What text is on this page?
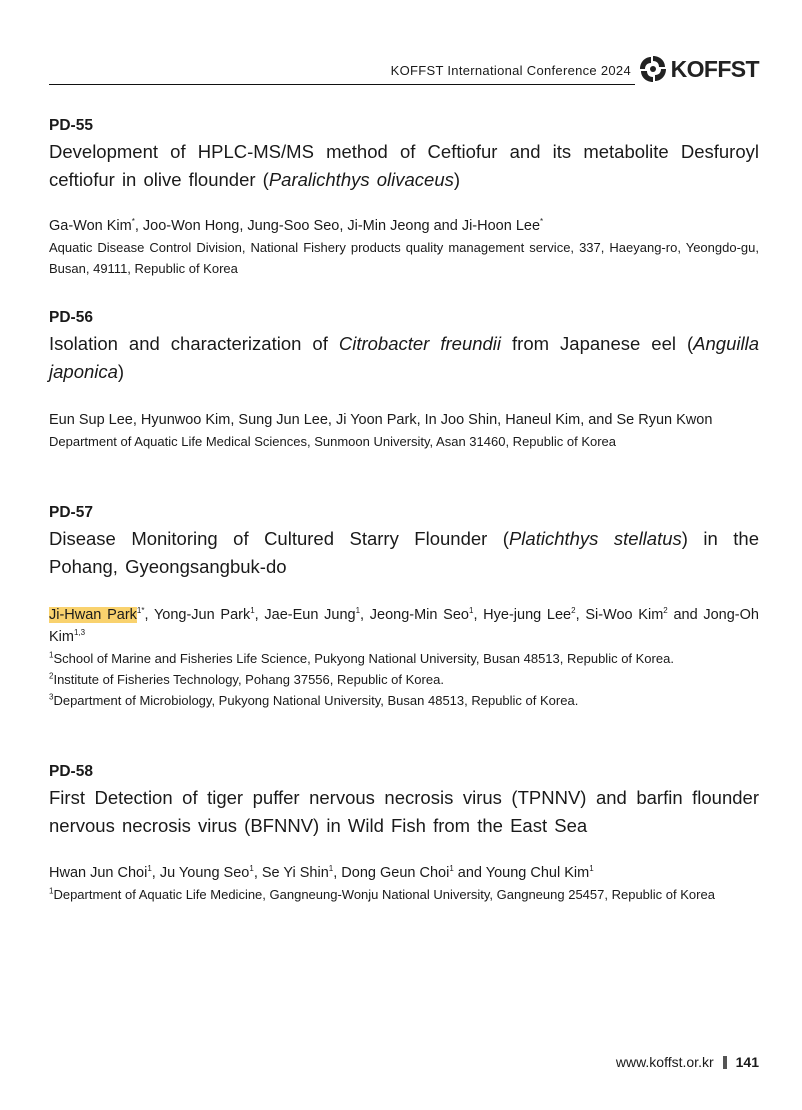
KOFFST International Conference 2024 KOFFST

PD-55

Development of HPLC-MS/MS method of Ceftiofur and its metabolite Desfuroyl ceftiofur in olive flounder (Paralichthys olivaceus)

Ga-Won Kim*, Joo-Won Hong, Jung-Soo Seo, Ji-Min Jeong and Ji-Hoon Lee*

Aquatic Disease Control Division, National Fishery products quality management service, 337, Haeyang-ro, Yeongdo-gu, Busan, 49111, Republic of Korea

PD-56

Isolation and characterization of Citrobacter freundii from Japanese eel (Anguilla japonica)

Eun Sup Lee, Hyunwoo Kim, Sung Jun Lee, Ji Yoon Park, In Joo Shin, Haneul Kim, and Se Ryun Kwon

Department of Aquatic Life Medical Sciences, Sunmoon University, Asan 31460, Republic of Korea

PD-57

Disease Monitoring of Cultured Starry Flounder (Platichthys stellatus) in the Pohang, Gyeongsangbuk-do

Ji-Hwan Park$^{1*}$, Yong-Jun Park$^1$, Jae-Eun Jung$^1$, Jeong-Min Seo$^1$, Hye-jung Lee$^2$, Si-Woo Kim$^2$ and Jong-Oh Kim$^{1,3}$

$^1$School of Marine and Fisheries Life Science, Pukyong National University, Busan 48513, Republic of Korea.

$^2$Institute of Fisheries Technology, Pohang 37556, Republic of Korea.

$^3$Department of Microbiology, Pukyong National University, Busan 48513, Republic of Korea.

PD-58

First Detection of tiger puffer nervous necrosis virus (TPNNV) and barfin flounder nervous necrosis virus (BFNNV) in Wild Fish from the East Sea

Hwan Jun Choi$^1$, Ju Young Seo$^1$, Se Yi Shin$^1$, Dong Geun Choi$^1$ and Young Chul Kim$^1$

$^1$Department of Aquatic Life Medicine, Gangneung-Wonju National University, Gangneung 25457, Republic of Korea

www.koffst.or.kr 141
